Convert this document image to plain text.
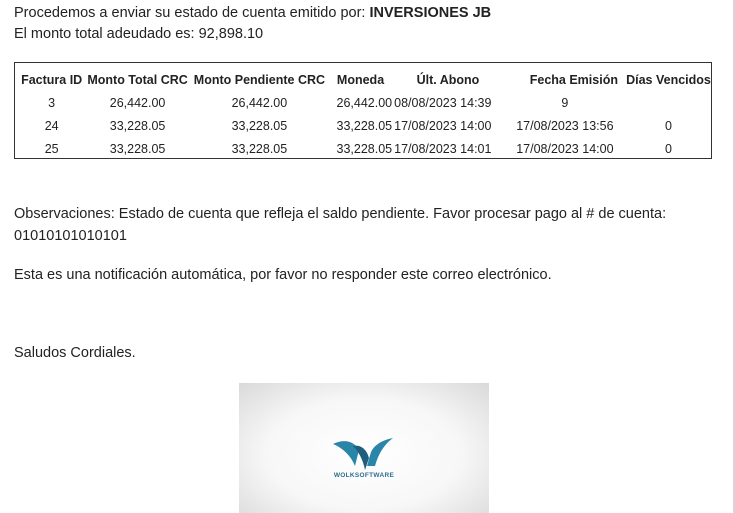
Procedemos a enviar su estado de cuenta emitido por: INVERSIONES JB
El monto total adeudado es: 92,898.10
Factura ID	Monto Total CRC	Monto Pendiente CRC	Moneda	Últ. Abono	Fecha Emisión	Días Vencidos
3	26,442.00	26,442.00	26,442.00	08/08/2023 14:39	9	
24	33,228.05	33,228.05	33,228.05	17/08/2023 14:00	17/08/2023 13:56	0
25	33,228.05	33,228.05	33,228.05	17/08/2023 14:01	17/08/2023 14:00	0
Observaciones: Estado de cuenta que refleja el saldo pendiente. Favor procesar pago al # de cuenta: 01010101010101
Esta es una notificación automática, por favor no responder este correo electrónico.
Saludos Cordiales.
WOLKSOFTWARE
